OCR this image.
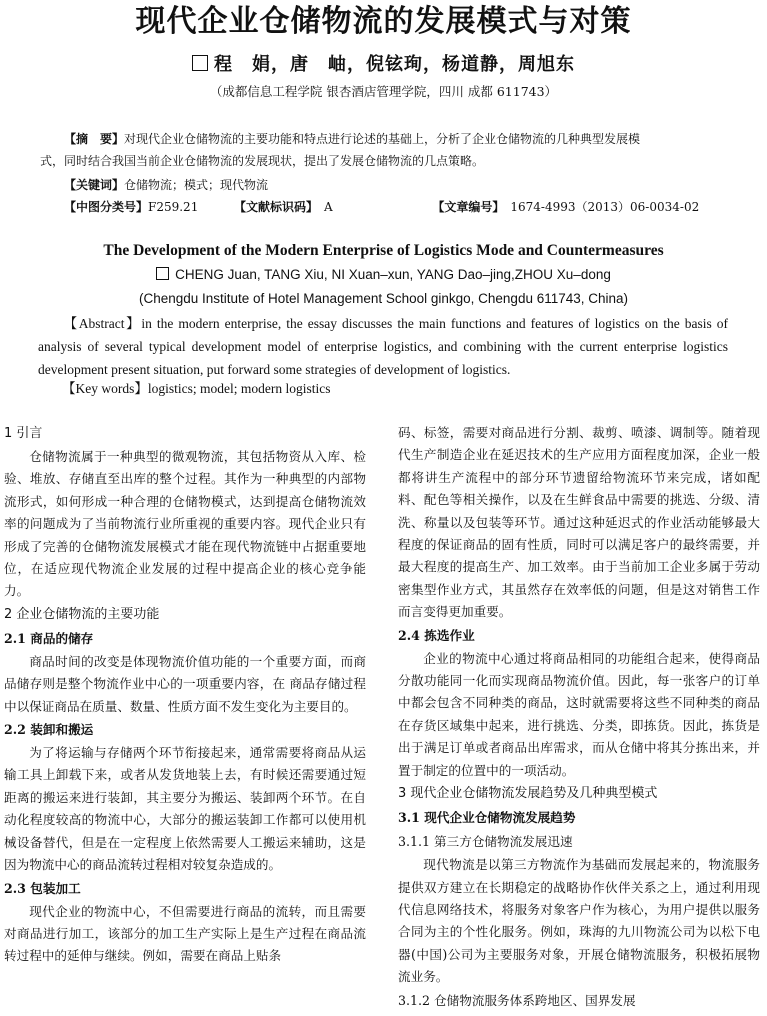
现代企业仓储物流的发展模式与对策
程　娟，唐　岫，倪铉珣，杨道静，周旭东
（成都信息工程学院 银杏酒店管理学院，四川 成都 611743）
【摘　要】对现代企业仓储物流的主要功能和特点进行论述的基础上，分析了企业仓储物流的几种典型发展模
式，同时结合我国当前企业仓储物流的发展现状，提出了发展仓储物流的几点策略。
【关键词】仓储物流；模式；现代物流
【中图分类号】F259.21	【文献标识码】 A	【文章编号】 1674-4993（2013）06-0034-02
The Development of the Modern Enterprise of Logistics Mode and Countermeasures
CHENG Juan, TANG Xiu, NI Xuan–xun, YANG Dao–jing,ZHOU Xu–dong
(Chengdu Institute of Hotel Management School ginkgo, Chengdu 611743, China)
【Abstract】in the modern enterprise, the essay discusses the main functions and features of logistics on the basis of analysis of several typical development model of enterprise logistics, and combining with the current enterprise logistics development present situation, put forward some strategies of development of logistics.
【Key words】logistics; model; modern logistics
1 引言

仓储物流属于一种典型的微观物流，其包括物资从入库、检验、堆放、存储直至出库的整个过程。其作为一种典型的内部物流形式，如何形成一种合理的仓储物模式，达到提高仓储物流效率的问题成为了当前物流行业所重视的重要内容。现代企业只有形成了完善的仓储物流发展模式才能在现代物流链中占据重要地位，在适应现代物流企业发展的过程中提高企业的核心竞争能力。

2 企业仓储物流的主要功能
2.1 商品的储存

商品时间的改变是体现物流价值功能的一个重要方面，而商品储存则是整个物流作业中心的一项重要内容，在 商品存储过程中以保证商品在质量、数量、性质方面不发生变化为主要目的。

2.2 装卸和搬运

为了将运输与存储两个环节衔接起来，通常需要将商品从运输工具上卸载下来，或者从发货地装上去，有时候还需要通过短距离的搬运来进行装卸，其主要分为搬运、装卸两个环节。在自动化程度较高的物流中心，大部分的搬运装卸工作都可以使用机械设备替代，但是在一定程度上依然需要人工搬运来辅助，这是因为物流中心的商品流转过程相对较复杂造成的。

2.3 包装加工

现代企业的物流中心，不但需要进行商品的流转，而且需要对商品进行加工，该部分的加工生产实际上是生产过程在商品流转过程中的延伸与继续。例如，需要在商品上贴条

码、标签，需要对商品进行分割、裁剪、喷漆、调制等。随着现代生产制造企业在延迟技术的生产应用方面程度加深，企业一般都将讲生产流程中的部分环节遗留给物流环节来完成，诸如配料、配色等相关操作，以及在生鲜食品中需要的挑选、分级、清洗、称量以及包装等环节。通过这种延迟式的作业活动能够最大程度的保证商品的固有性质，同时可以满足客户的最终需要，并最大程度的提高生产、加工效率。由于当前加工企业多属于劳动密集型作业方式，其虽然存在效率低的问题，但是这对销售工作而言变得更加重要。

2.4 拣选作业

企业的物流中心通过将商品相同的功能组合起来，使得商品分散功能同一化而实现商品物流价值。因此，每一张客户的订单中都会包含不同种类的商品，这时就需要将这些不同种类的商品在存货区域集中起来，进行挑选、分类，即拣货。因此，拣货是出于满足订单或者商品出库需求，而从仓储中将其分拣出来，并置于制定的位置中的一项活动。

3 现代企业仓储物流发展趋势及几种典型模式
3.1 现代企业仓储物流发展趋势
3.1.1 第三方仓储物流发展迅速

现代物流是以第三方物流作为基础而发展起来的，物流服务提供双方建立在长期稳定的战略协作伙伴关系之上，通过利用现代信息网络技术，将服务对象客户作为核心，为用户提供以服务合同为主的个性化服务。例如，珠海的九川物流公司为以松下电器(中国)公司为主要服务对象，开展仓储物流服务，积极拓展物流业务。

3.1.2 仓储物流服务体系跨地区、国界发展
